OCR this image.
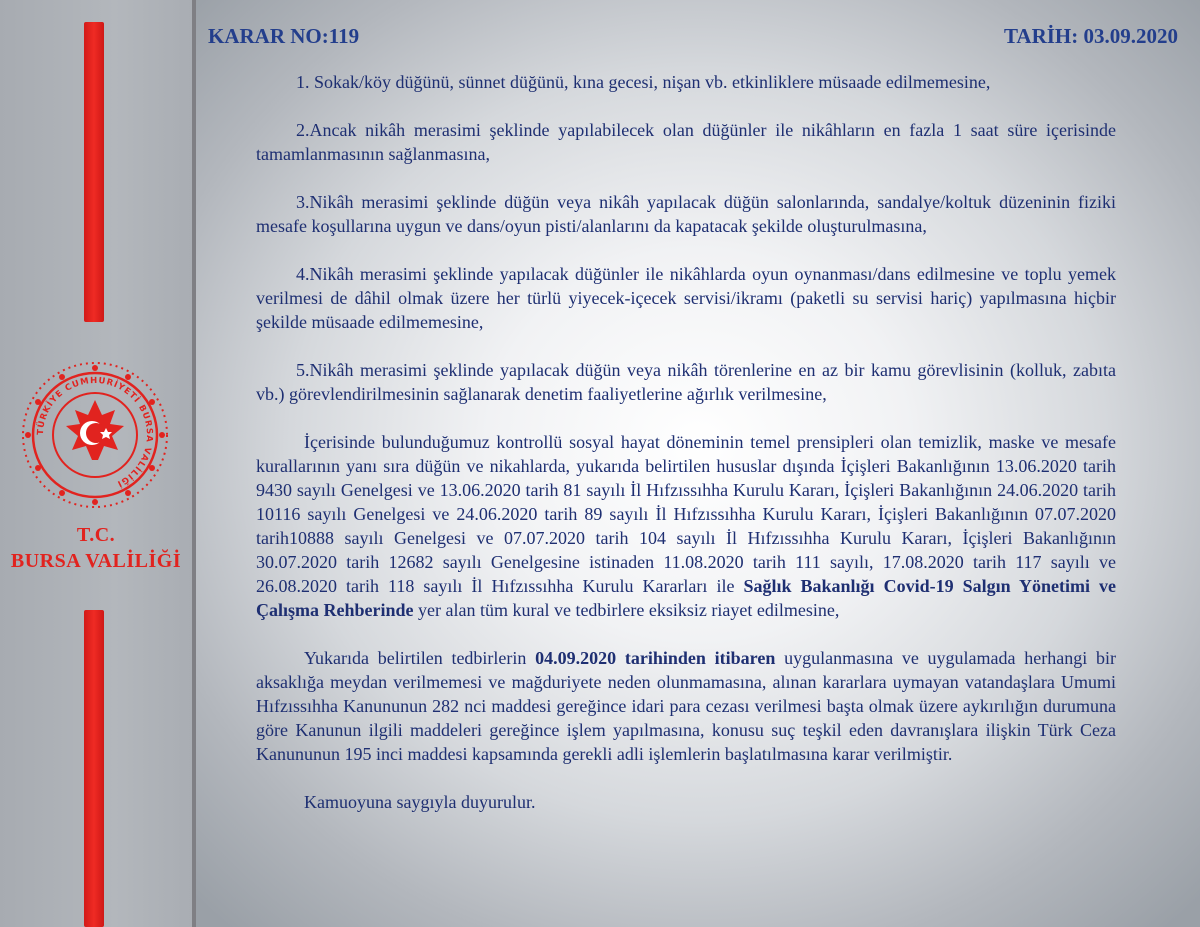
TÜRKİYE CUMHURİYETİ BURSA VALİLİĞİ
T.C.
BURSA VALİLİĞİ
KARAR NO:119	TARİH: 03.09.2020

1. Sokak/köy düğünü, sünnet düğünü, kına gecesi, nişan vb. etkinliklere müsaade edilmemesine,

2.Ancak nikâh merasimi şeklinde yapılabilecek olan düğünler ile nikâhların en fazla 1 saat süre içerisinde tamamlanmasının sağlanmasına,

3.Nikâh merasimi şeklinde düğün veya nikâh yapılacak düğün salonlarında, sandalye/koltuk düzeninin fiziki mesafe koşullarına uygun ve dans/oyun pisti/alanlarını da kapatacak şekilde oluşturulmasına,

4.Nikâh merasimi şeklinde yapılacak düğünler ile nikâhlarda oyun oynanması/dans edilmesine ve toplu yemek verilmesi de dâhil olmak üzere her türlü yiyecek-içecek servisi/ikramı (paketli su servisi hariç) yapılmasına hiçbir şekilde müsaade edilmemesine,

5.Nikâh merasimi şeklinde yapılacak düğün veya nikâh törenlerine en az bir kamu görevlisinin (kolluk, zabıta vb.) görevlendirilmesinin sağlanarak denetim faaliyetlerine ağırlık verilmesine,

İçerisinde bulunduğumuz kontrollü sosyal hayat döneminin temel prensipleri olan temizlik, maske ve mesafe kurallarının yanı sıra düğün ve nikahlarda, yukarıda belirtilen hususlar dışında İçişleri Bakanlığının 13.06.2020 tarih 9430 sayılı Genelgesi ve 13.06.2020 tarih 81 sayılı İl Hıfzıssıhha Kurulu Kararı, İçişleri Bakanlığının 24.06.2020 tarih 10116 sayılı Genelgesi ve 24.06.2020 tarih 89 sayılı İl Hıfzıssıhha Kurulu Kararı, İçişleri Bakanlığının 07.07.2020 tarih10888 sayılı Genelgesi ve 07.07.2020 tarih 104 sayılı İl Hıfzıssıhha Kurulu Kararı, İçişleri Bakanlığının 30.07.2020 tarih 12682 sayılı Genelgesine istinaden 11.08.2020 tarih 111 sayılı, 17.08.2020 tarih 117 sayılı ve 26.08.2020 tarih 118 sayılı İl Hıfzıssıhha Kurulu Kararları ile Sağlık Bakanlığı Covid-19 Salgın Yönetimi ve Çalışma Rehberinde yer alan tüm kural ve tedbirlere eksiksiz riayet edilmesine,

Yukarıda belirtilen tedbirlerin 04.09.2020 tarihinden itibaren uygulanmasına ve uygulamada herhangi bir aksaklığa meydan verilmemesi ve mağduriyete neden olunmamasına, alınan kararlara uymayan vatandaşlara Umumi Hıfzıssıhha Kanununun 282 nci maddesi gereğince idari para cezası verilmesi başta olmak üzere aykırılığın durumuna göre Kanunun ilgili maddeleri gereğince işlem yapılmasına, konusu suç teşkil eden davranışlara ilişkin Türk Ceza Kanununun 195 inci maddesi kapsamında gerekli adli işlemlerin başlatılmasına karar verilmiştir.

Kamuoyuna saygıyla duyurulur.
